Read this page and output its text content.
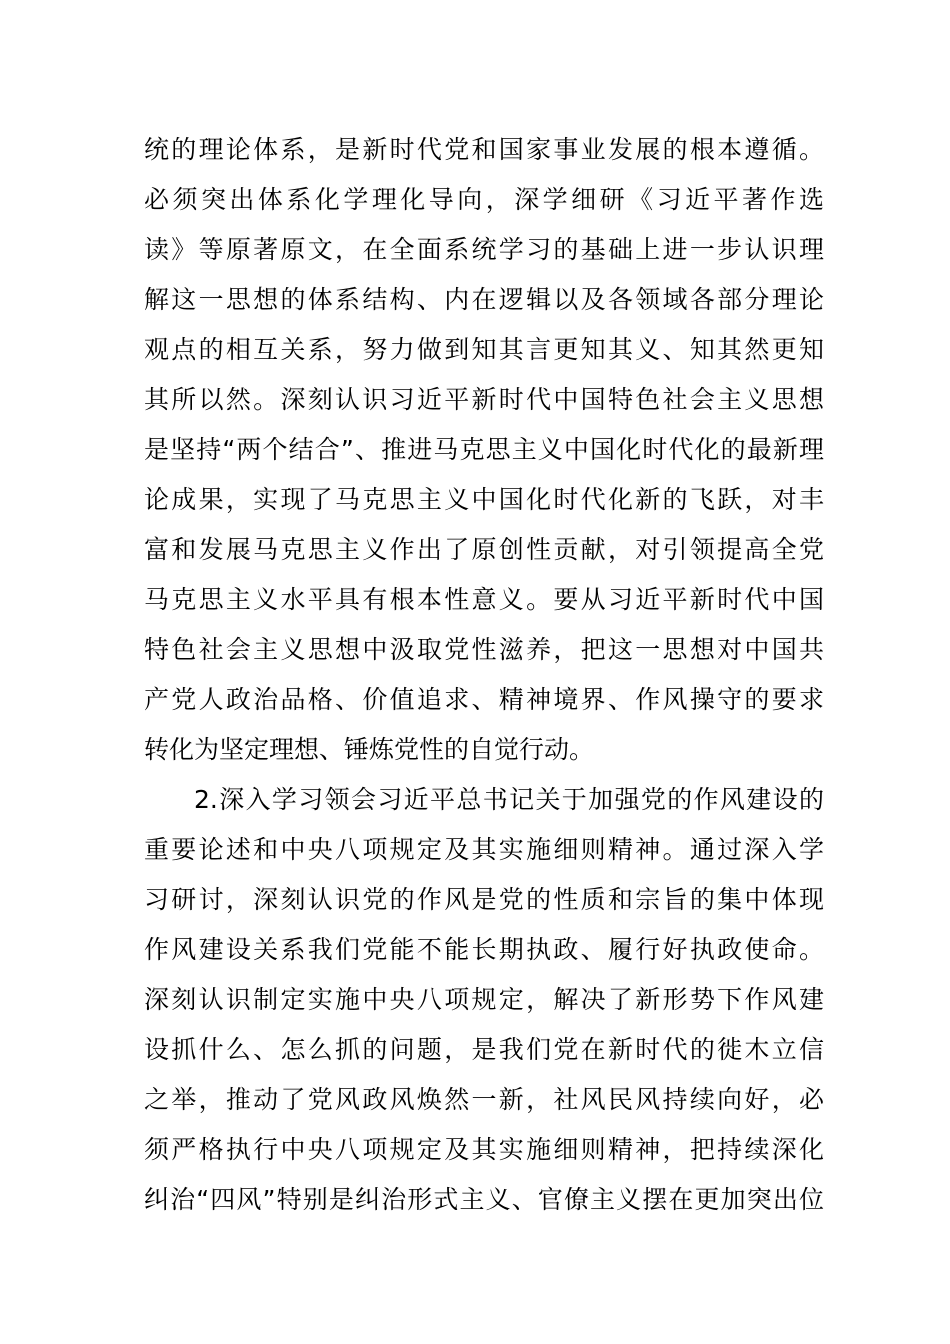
统的理论体系，是新时代党和国家事业发展的根本遵循。
必须突出体系化学理化导向，深学细研《习近平著作选
读》等原著原文，在全面系统学习的基础上进一步认识理
解这一思想的体系结构、内在逻辑以及各领域各部分理论
观点的相互关系，努力做到知其言更知其义、知其然更知
其所以然。深刻认识习近平新时代中国特色社会主义思想
是坚持“两个结合”、推进马克思主义中国化时代化的最新理
论成果，实现了马克思主义中国化时代化新的飞跃，对丰
富和发展马克思主义作出了原创性贡献，对引领提高全党
马克思主义水平具有根本性意义。要从习近平新时代中国
特色社会主义思想中汲取党性滋养，把这一思想对中国共
产党人政治品格、价值追求、精神境界、作风操守的要求
转化为坚定理想、锤炼党性的自觉行动。
2.深入学习领会习近平总书记关于加强党的作风建设的
重要论述和中央八项规定及其实施细则精神。通过深入学
习研讨，深刻认识党的作风是党的性质和宗旨的集中体现
作风建设关系我们党能不能长期执政、履行好执政使命。
深刻认识制定实施中央八项规定，解决了新形势下作风建
设抓什么、怎么抓的问题，是我们党在新时代的徙木立信
之举，推动了党风政风焕然一新，社风民风持续向好，必
须严格执行中央八项规定及其实施细则精神，把持续深化
纠治“四风”特别是纠治形式主义、官僚主义摆在更加突出位
